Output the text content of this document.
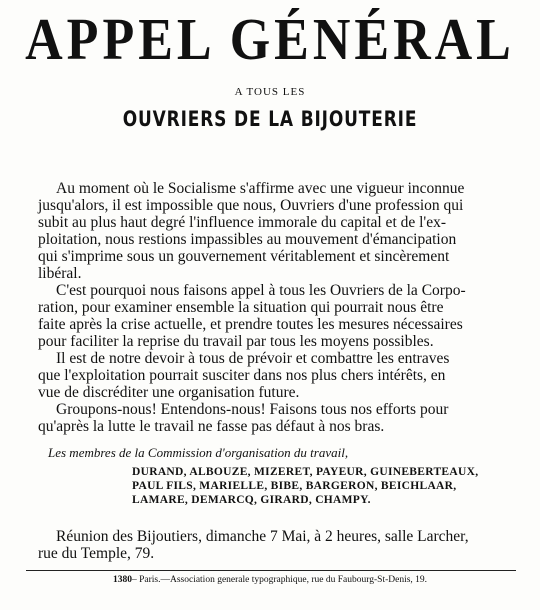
APPEL GÉNÉRAL
A TOUS LES
OUVRIERS DE LA BIJOUTERIE

Au moment où le Socialisme s'affirme avec une vigueur inconnue
jusqu'alors, il est impossible que nous, Ouvriers d'une profession qui
subit au plus haut degré l'influence immorale du capital et de l'ex-
ploitation, nous restions impassibles au mouvement d'émancipation
qui s'imprime sous un gouvernement véritablement et sincèrement
libéral.

C'est pourquoi nous faisons appel à tous les Ouvriers de la Corpo-
ration, pour examiner ensemble la situation qui pourrait nous être
faite après la crise actuelle, et prendre toutes les mesures nécessaires
pour faciliter la reprise du travail par tous les moyens possibles.

Il est de notre devoir à tous de prévoir et combattre les entraves
que l'exploitation pourrait susciter dans nos plus chers intérêts, en
vue de discréditer une organisation future.

Groupons-nous! Entendons-nous! Faisons tous nos efforts pour
qu'après la lutte le travail ne fasse pas défaut à nos bras.

Les membres de la Commission d'organisation du travail,
DURAND, ALBOUZE, MIZERET, PAYEUR, GUINEBERTEAUX,
PAUL FILS, MARIELLE, BIBE, BARGERON, BEICHLAAR,
LAMARE, DEMARCQ, GIRARD, CHAMPY.
Réunion des Bijoutiers, dimanche 7 Mai, à 2 heures, salle Larcher,
rue du Temple, 79.
1380– Paris.—Association generale typographique, rue du Faubourg-St-Denis, 19.
